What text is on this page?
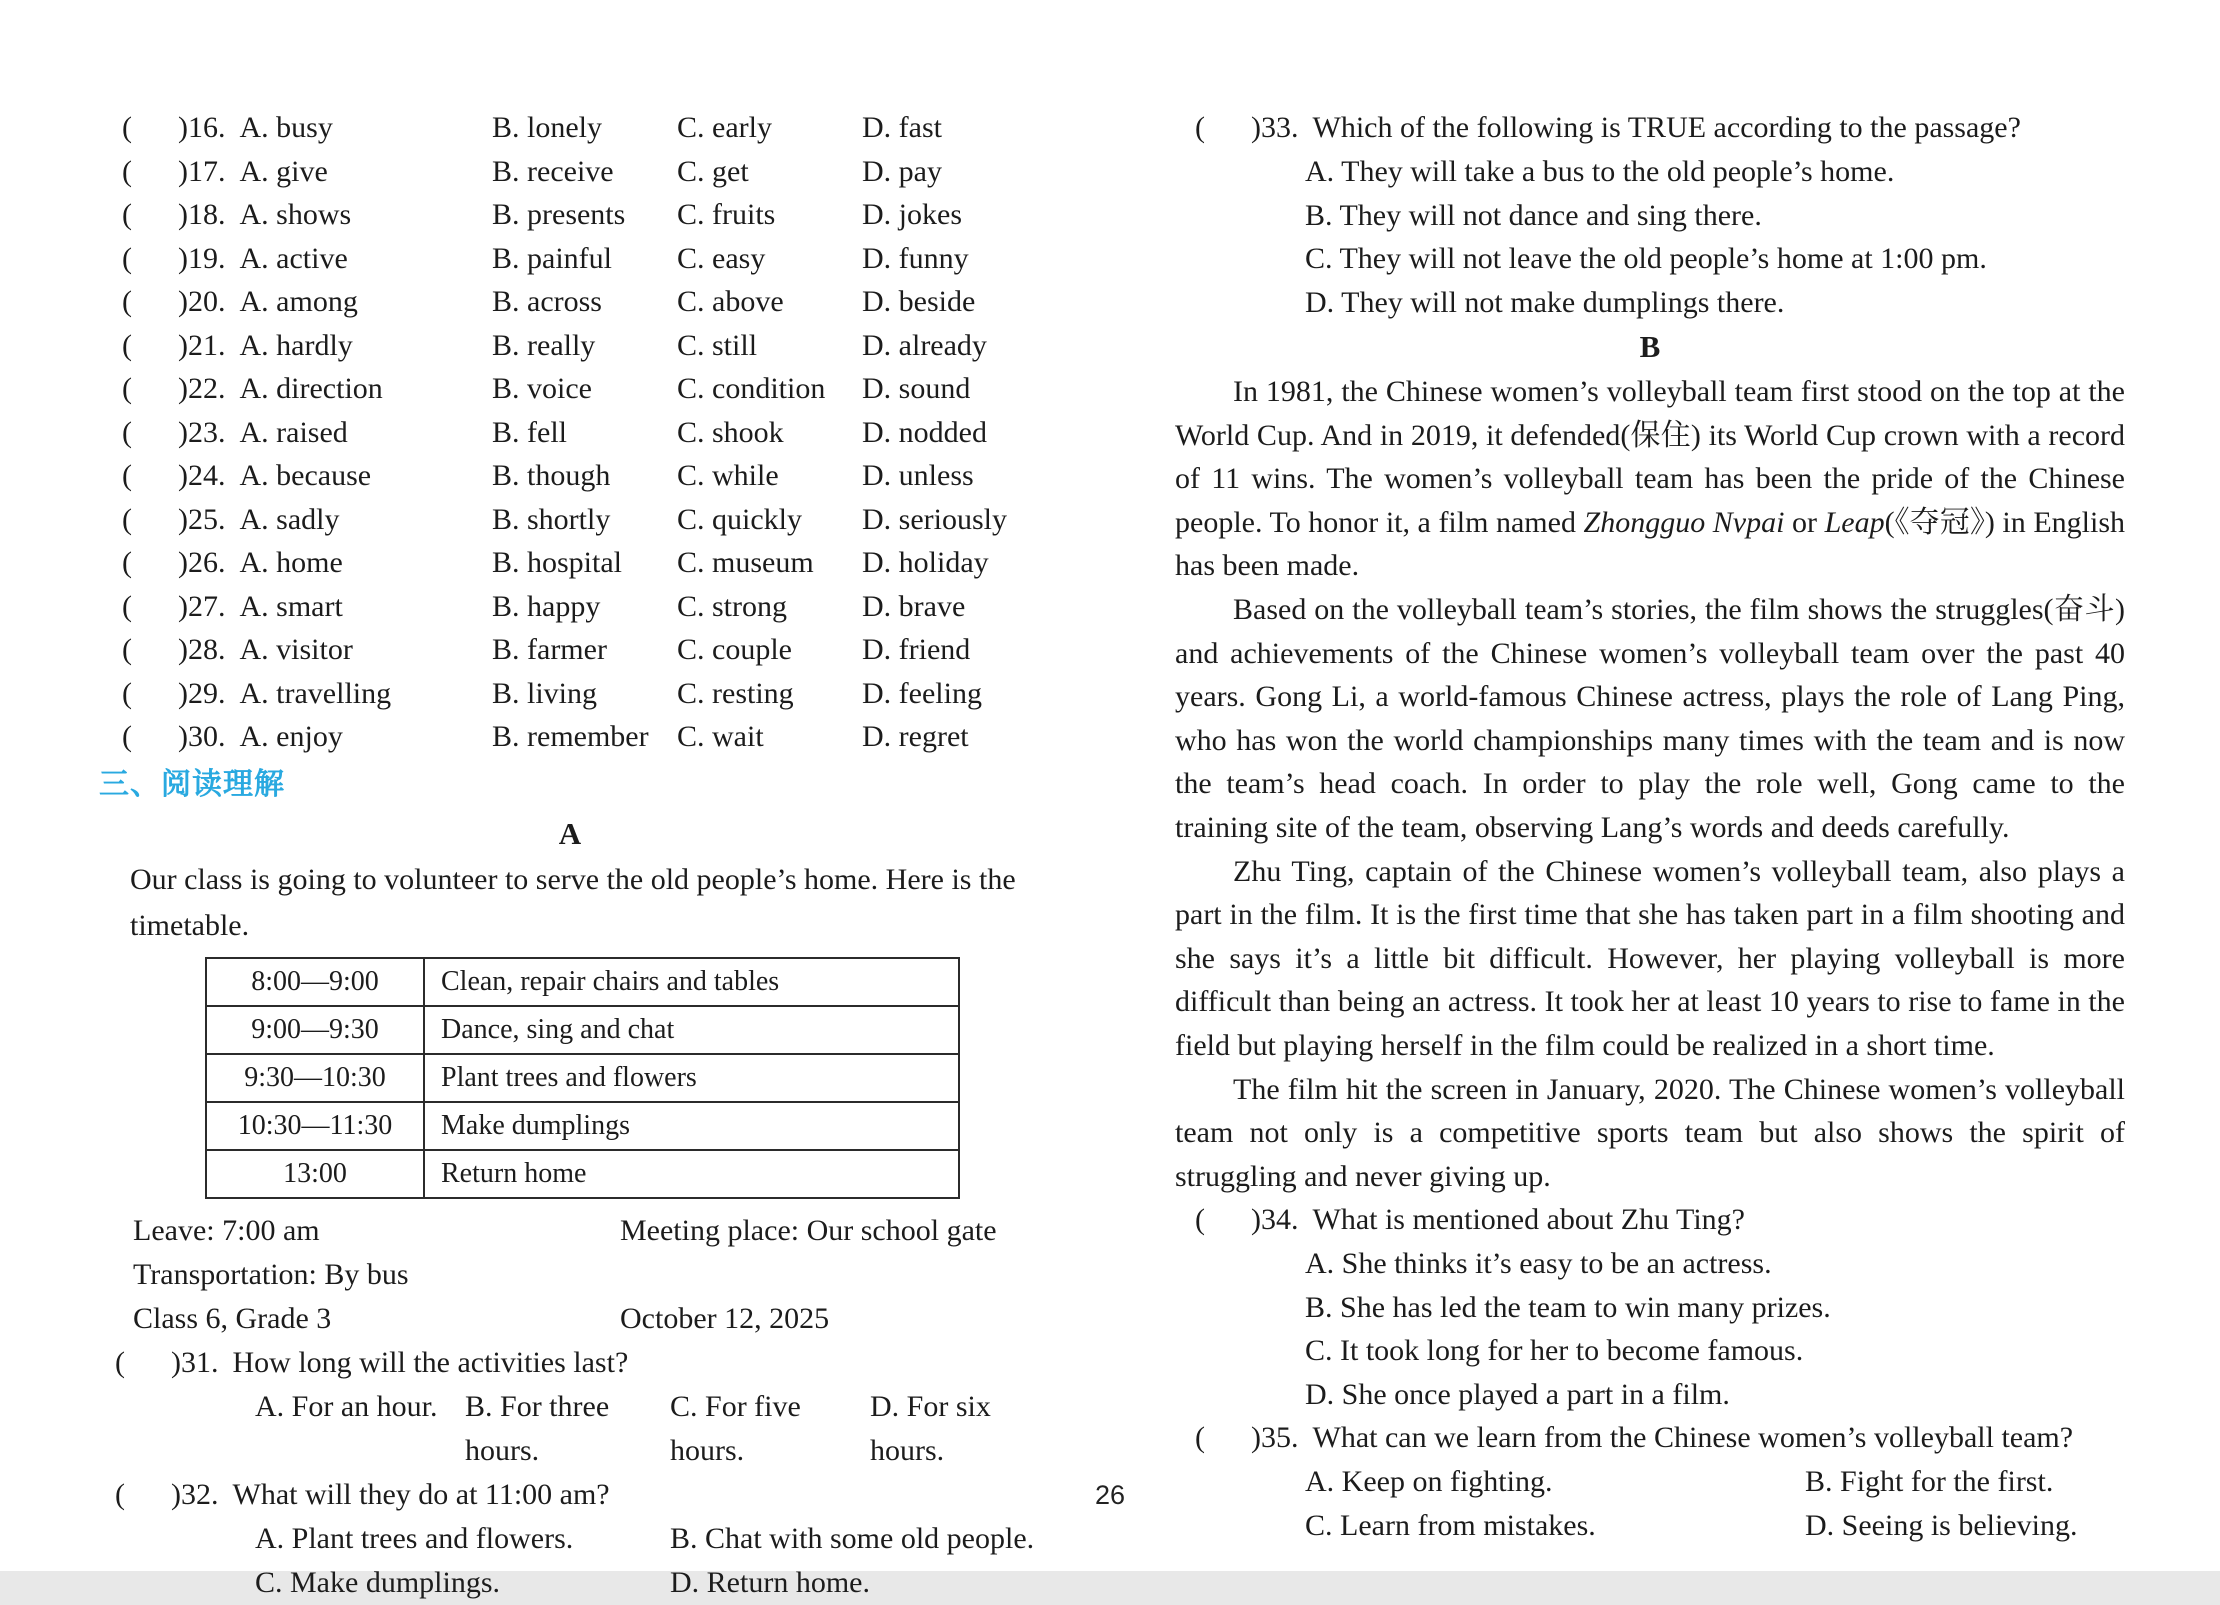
( )16. A. busy	B. lonely	C. early	D. fast
( )17. A. give	B. receive	C. get	D. pay
( )18. A. shows	B. presents	C. fruits	D. jokes
( )19. A. active	B. painful	C. easy	D. funny
( )20. A. among	B. across	C. above	D. beside
( )21. A. hardly	B. really	C. still	D. already
( )22. A. direction	B. voice	C. condition	D. sound
( )23. A. raised	B. fell	C. shook	D. nodded
( )24. A. because	B. though	C. while	D. unless
( )25. A. sadly	B. shortly	C. quickly	D. seriously
( )26. A. home	B. hospital	C. museum	D. holiday
( )27. A. smart	B. happy	C. strong	D. brave
( )28. A. visitor	B. farmer	C. couple	D. friend
( )29. A. travelling	B. living	C. resting	D. feeling
( )30. A. enjoy	B. remember C. wait	D. regret
三、阅读理解
A

Our class is going to volunteer to serve the old people’s home. Here is the timetable.

8:00—9:00	Clean, repair chairs and tables
9:00—9:30	Dance, sing and chat
9:30—10:30	Plant trees and flowers
10:30—11:30	Make dumplings
13:00	Return home
Leave: 7:00 am	Meeting place: Our school gate
Transportation: By bus
Class 6, Grade 3	October 12, 2025
( )31. How long will the activities last?
A. For an hour. B. For three hours.
C. For five hours.
D. For six hours.
( )32. What will they do at 11:00 am?
A. Plant trees and flowers.	B. Chat with some old people.
C. Make dumplings.	D. Return home.
( )33. Which of the following is TRUE according to the passage?
A. They will take a bus to the old people’s home.
B. They will not dance and sing there.
C. They will not leave the old people’s home at 1:00 pm.
D. They will not make dumplings there.
B

In 1981, the Chinese women’s volleyball team first stood on the top at the World Cup. And in 2019, it defended(保住) its World Cup crown with a record of 11 wins. The women’s volleyball team has been the pride of the Chinese people. To honor it, a film named Zhongguo Nvpai or Leap(《夺冠》) in English has been made.

Based on the volleyball team’s stories, the film shows the struggles(奋斗) and achievements of the Chinese women’s volleyball team over the past 40 years. Gong Li, a world-famous Chinese actress, plays the role of Lang Ping, who has won the world championships many times with the team and is now the team’s head coach. In order to play the role well, Gong came to the training site of the team, observing Lang’s words and deeds carefully.

Zhu Ting, captain of the Chinese women’s volleyball team, also plays a part in the film. It is the first time that she has taken part in a film shooting and she says it’s a little bit difficult. However, her playing volleyball is more difficult than being an actress. It took her at least 10 years to rise to fame in the field but playing herself in the film could be realized in a short time.

The film hit the screen in January, 2020. The Chinese women’s volleyball team not only is a competitive sports team but also shows the spirit of struggling and never giving up.

( )34. What is mentioned about Zhu Ting?
A. She thinks it’s easy to be an actress.
B. She has led the team to win many prizes.
C. It took long for her to become famous.
D. She once played a part in a film.
( )35. What can we learn from the Chinese women’s volleyball team?
A. Keep on fighting.	B. Fight for the first.
C. Learn from mistakes.	D. Seeing is believing.
26
